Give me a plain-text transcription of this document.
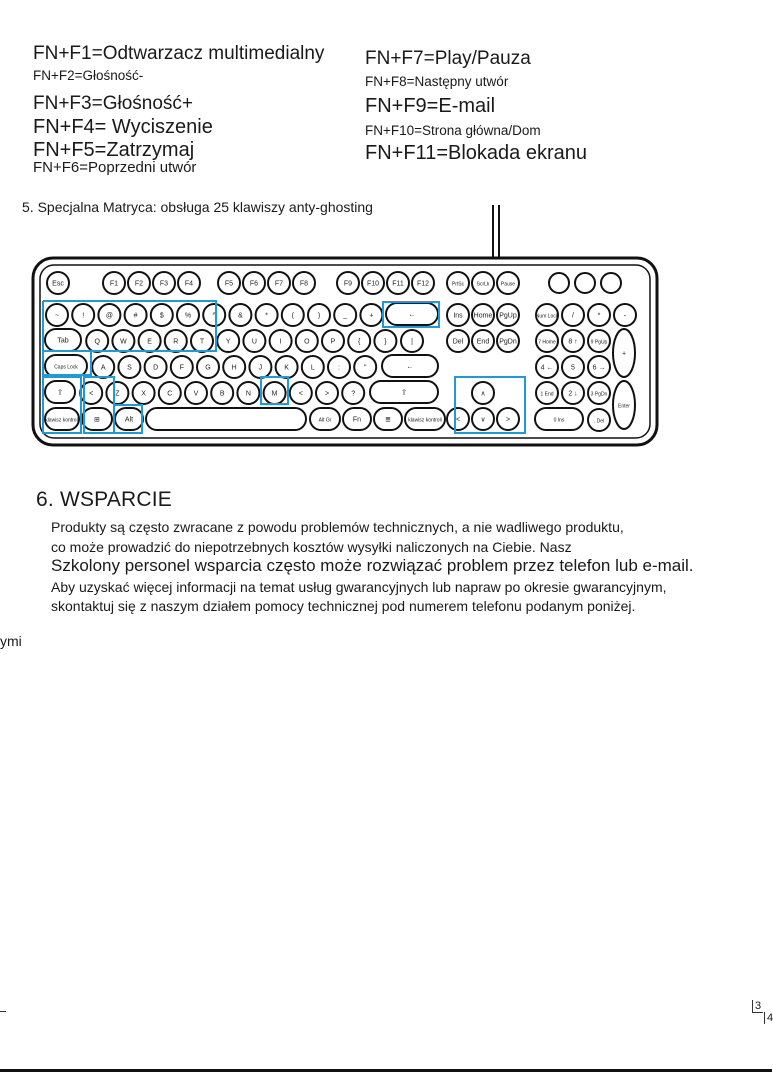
FN+F1=Odtwarzacz multimedialny
FN+F2=Głośność-
FN+F3=Głośność+
FN+F4= Wyciszenie
FN+F5=Zatrzymaj
FN+F6=Poprzedni utwór
FN+F7=Play/Pauza
FN+F8=Następny utwór
FN+F9=E-mail
FN+F10=Strona główna/Dom
FN+F11=Blokada ekranu
5. Specjalna Matryca: obsługa 25 klawiszy anty-ghosting
Esc	F1 F2 F3 F4	F5 F6 F7 F8	F9 F10 F11 F12	PrtSc ScrLk Pause
~	!	@	#	$	%	^	&	*	(	)	_	+	←
Tab	Q	W	E	R	T	Y	U	I	O	P	{	}	|
Caps Lock	A	S	D	F	G	H	J	K	L	:	"	←
⇧	<	Z	X	C	V	B	N	M	<	>	?	⇧
klawisz kontroli ⊞	Alt	Alt Gr	Fn	≣	klawisz kontroli
Ins Home PgUp
Del End PgDn
∧
<	∨	>
Num Lock /	*	-
7 Home 8 ↑	9 PgUp
+
4 ←	5	6 →
1 End 2 ↓	3 PgDn
Enter
0 Ins	. Del
6. WSPARCIE
Produkty są często zwracane z powodu problemów technicznych, a nie wadliwego produktu,
co może prowadzić do niepotrzebnych kosztów wysyłki naliczonych na Ciebie. Nasz
Szkolony personel wsparcia często może rozwiązać problem przez telefon lub e-mail.
Aby uzyskać więcej informacji na temat usług gwarancyjnych lub napraw po okresie gwarancyjnym,
skontaktuj się z naszym działem pomocy technicznej pod numerem telefonu podanym poniżej.
ymi
3
4
